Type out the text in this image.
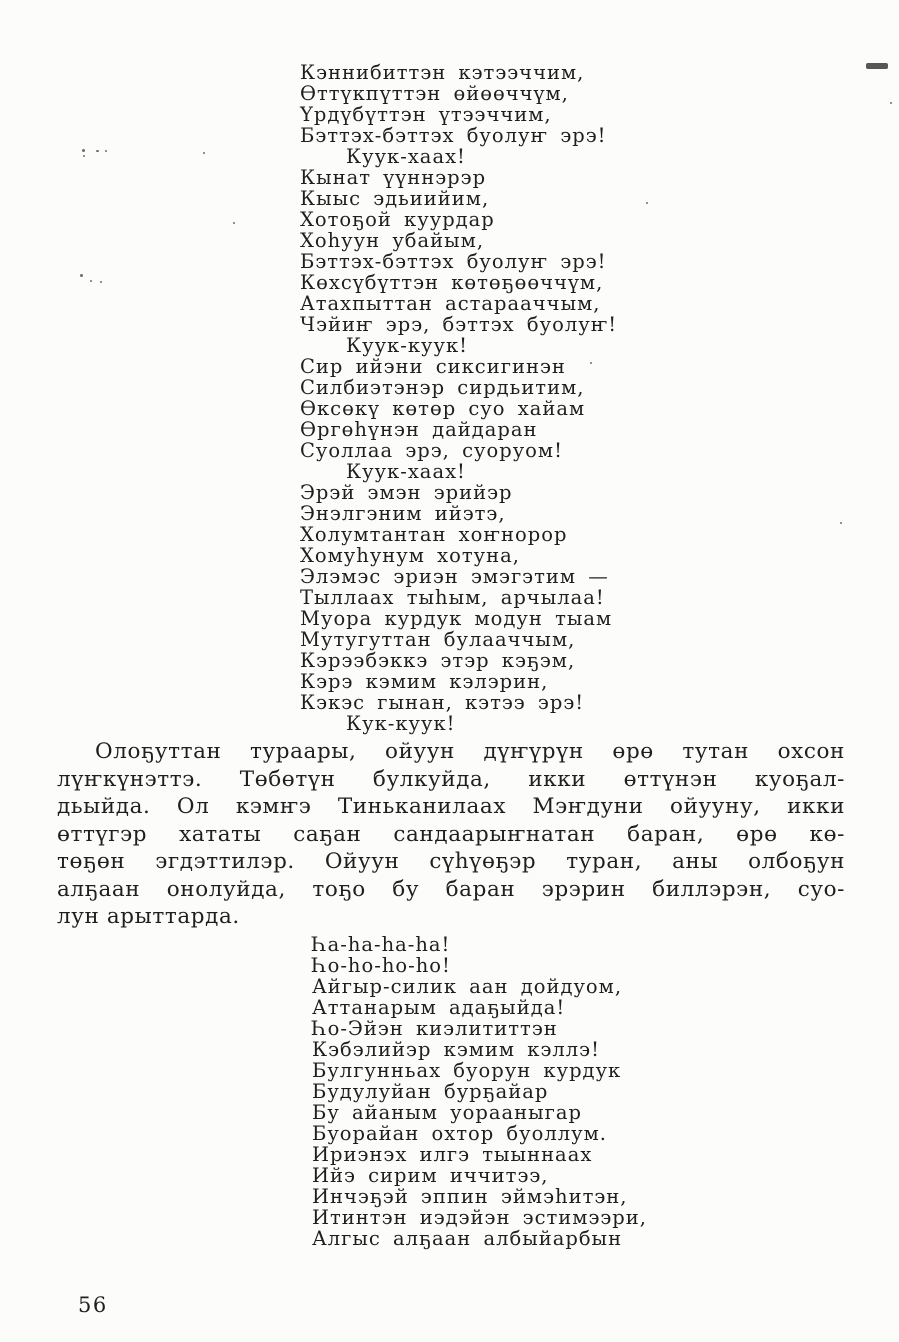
Кэннибиттэн кэтээччим,
Өттүкпүттэн өйөөччүм,
Үрдүбүттэн үтээччим,
Бэттэх-бэттэх буолуҥ эрэ!
Куук-хаах!
Кынат үүннэрэр
Кыыс эдьиийим,
Хотоҕой куурдар
Хоһуун убайым,
Бэттэх-бэттэх буолуҥ эрэ!
Көхсүбүттэн көтөҕөөччүм,
Атахпыттан астарааччым,
Чэйиҥ эрэ, бэттэх буолуҥ!
Куук-куук!
Сир ийэни сиксигинэн
Силбиэтэнэр сирдьитим,
Өксөкү көтөр суо хайам
Өргөһүнэн дайдаран
Суоллаа эрэ, суоруом!
Куук-хаах!
Эрэй эмэн эрийэр
Энэлгэним ийэтэ,
Холумтантан хоҥнорор
Хомуһунум хотуна,
Элэмэс эриэн эмэгэтим —
Тыллаах тыһым, арчылаа!
Муора курдук модун тыам
Мутугуттан булааччым,
Кэрээбэккэ этэр кэҕэм,
Кэрэ кэмим кэлэрин,
Кэкэс гынан, кэтээ эрэ!
Кук-куук!
Олоҕуттан тураары, ойуун дүҥүрүн өрө тутан охсон
лүҥкүнэттэ. Төбөтүн булкуйда, икки өттүнэн куоҕал-
дьыйда. Ол кэмҥэ Тиньканилаах Мэҥдуни ойууну, икки
өттүгэр хататы саҕан сандаарыҥнатан баран, өрө кө-
төҕөн эгдэттилэр. Ойуун сүһүөҕэр туран, аны олбоҕун
алҕаан онолуйда, тоҕо бу баран эрэрин биллэрэн, суо-
лун арыттарда.
Һа-һа-һа-һа!
Һо-һо-һо-һо!
Айгыр-силик аан дойдуом,
Аттанарым адаҕыйда!
Һо-Эйэн киэлититтэн
Кэбэлийэр кэмим кэллэ!
Булгунньах буорун курдук
Будулуйан бурҕайар
Бу айаным уорааныгар
Буорайан охтор буоллум.
Ириэнэх илгэ тыыннаах
Ийэ сирим иччитээ,
Инчэҕэй эппин эймэһитэн,
Итинтэн иэдэйэн эстимээри,
Алгыс алҕаан албыйарбын
56
